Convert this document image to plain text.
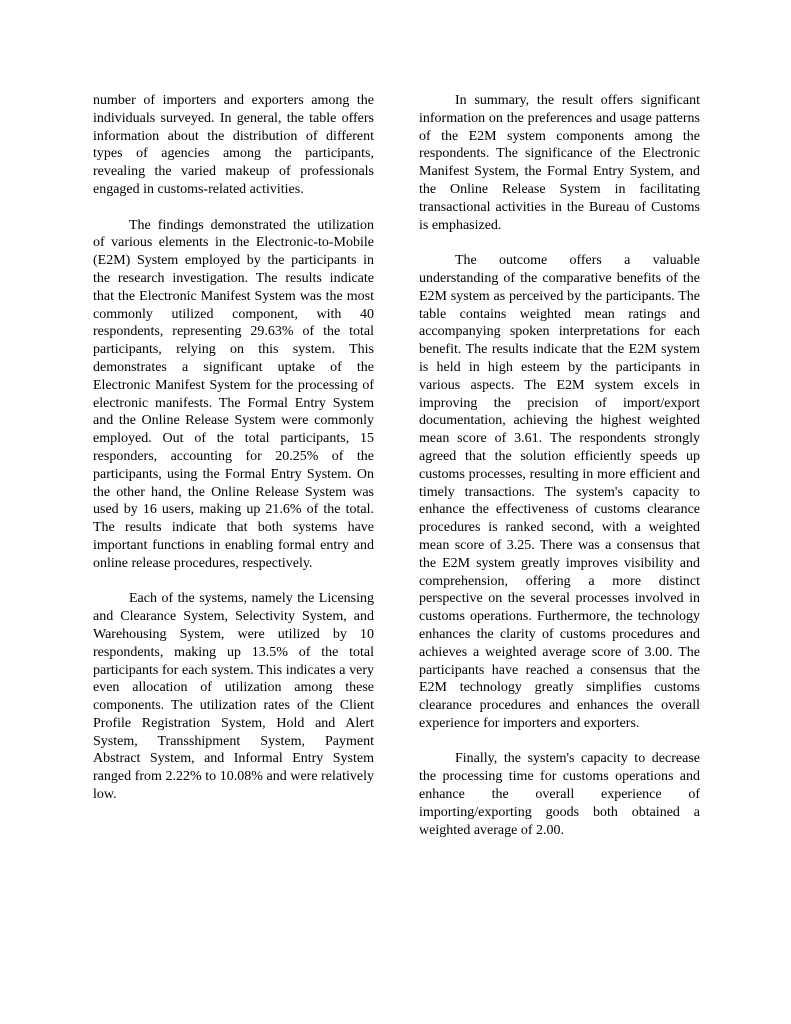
number of importers and exporters among the individuals surveyed. In general, the table offers information about the distribution of different types of agencies among the participants, revealing the varied makeup of professionals engaged in customs-related activities.

The findings demonstrated the utilization of various elements in the Electronic-to-Mobile (E2M) System employed by the participants in the research investigation. The results indicate that the Electronic Manifest System was the most commonly utilized component, with 40 respondents, representing 29.63% of the total participants, relying on this system. This demonstrates a significant uptake of the Electronic Manifest System for the processing of electronic manifests. The Formal Entry System and the Online Release System were commonly employed. Out of the total participants, 15 responders, accounting for 20.25% of the participants, using the Formal Entry System. On the other hand, the Online Release System was used by 16 users, making up 21.6% of the total. The results indicate that both systems have important functions in enabling formal entry and online release procedures, respectively.

Each of the systems, namely the Licensing and Clearance System, Selectivity System, and Warehousing System, were utilized by 10 respondents, making up 13.5% of the total participants for each system. This indicates a very even allocation of utilization among these components. The utilization rates of the Client Profile Registration System, Hold and Alert System, Transshipment System, Payment Abstract System, and Informal Entry System ranged from 2.22% to 10.08% and were relatively low.

In summary, the result offers significant information on the preferences and usage patterns of the E2M system components among the respondents. The significance of the Electronic Manifest System, the Formal Entry System, and the Online Release System in facilitating transactional activities in the Bureau of Customs is emphasized.

The outcome offers a valuable understanding of the comparative benefits of the E2M system as perceived by the participants. The table contains weighted mean ratings and accompanying spoken interpretations for each benefit. The results indicate that the E2M system is held in high esteem by the participants in various aspects. The E2M system excels in improving the precision of import/export documentation, achieving the highest weighted mean score of 3.61. The respondents strongly agreed that the solution efficiently speeds up customs processes, resulting in more efficient and timely transactions. The system's capacity to enhance the effectiveness of customs clearance procedures is ranked second, with a weighted mean score of 3.25. There was a consensus that the E2M system greatly improves visibility and comprehension, offering a more distinct perspective on the several processes involved in customs operations. Furthermore, the technology enhances the clarity of customs procedures and achieves a weighted average score of 3.00. The participants have reached a consensus that the E2M technology greatly simplifies customs clearance procedures and enhances the overall experience for importers and exporters.

Finally, the system's capacity to decrease the processing time for customs operations and enhance the overall experience of importing/exporting goods both obtained a weighted average of 2.00.
